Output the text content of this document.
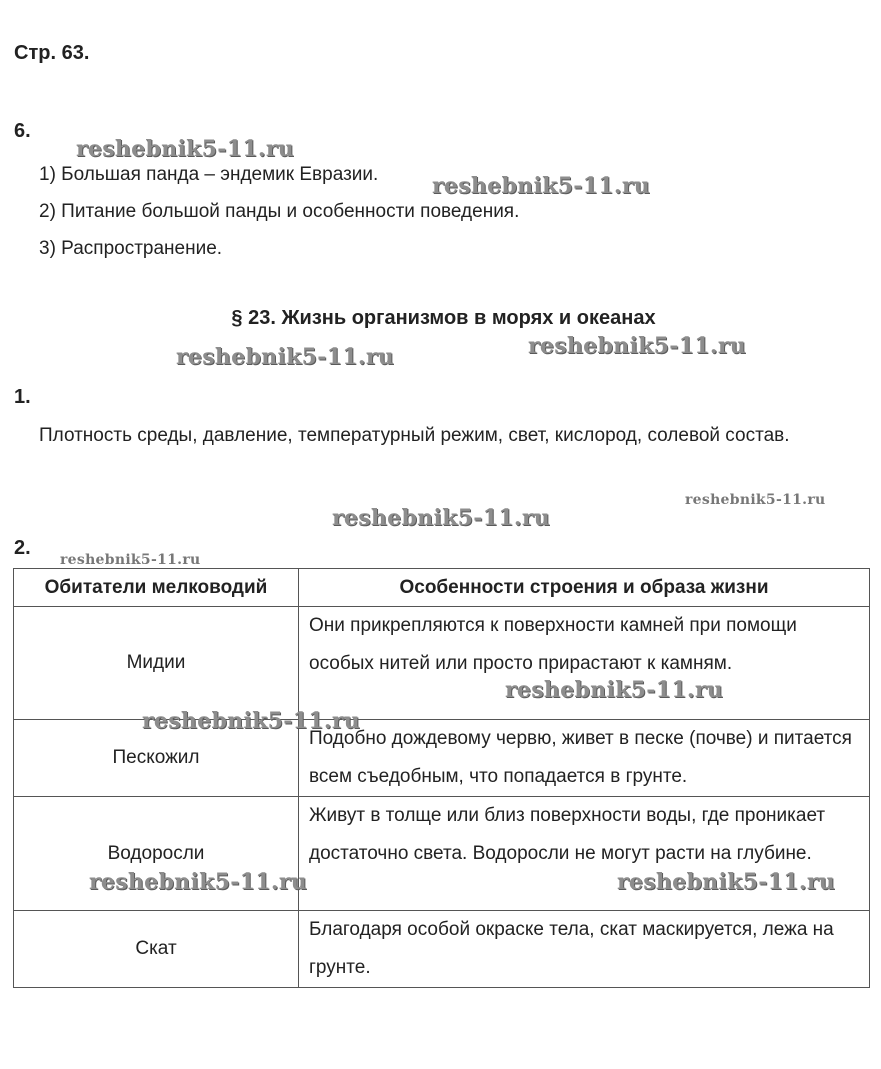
Стр. 63.
6.
1) Большая панда – эндемик Евразии.
2) Питание большой панды и особенности поведения.
3) Распространение.
§ 23. Жизнь организмов в морях и океанах
1.

Плотность среды, давление, температурный режим, свет, кислород, солевой состав.

2.
Обитатели мелководий	Особенности строения и образа жизни
Мидии	Они прикрепляются к поверхности камней при помощи особых нитей или просто прирастают к камням.
Пескожил	Подобно дождевому червю, живет в песке (почве) и питается всем съедобным, что попадается в грунте.
Водоросли	Живут в толще или близ поверхности воды, где проникает достаточно света. Водоросли не могут расти на глубине.
Скат	Благодаря особой окраске тела, скат маскируется, лежа на грунте.
reshebnik5-11.ru
reshebnik5-11.ru
reshebnik5-11.ru	reshebnik5-11.ru
reshebnik5-11.ru
reshebnik5-11.ru
reshebnik5-11.ru
reshebnik5-11.ru
reshebnik5-11.ru
reshebnik5-11.ru	reshebnik5-11.ru
